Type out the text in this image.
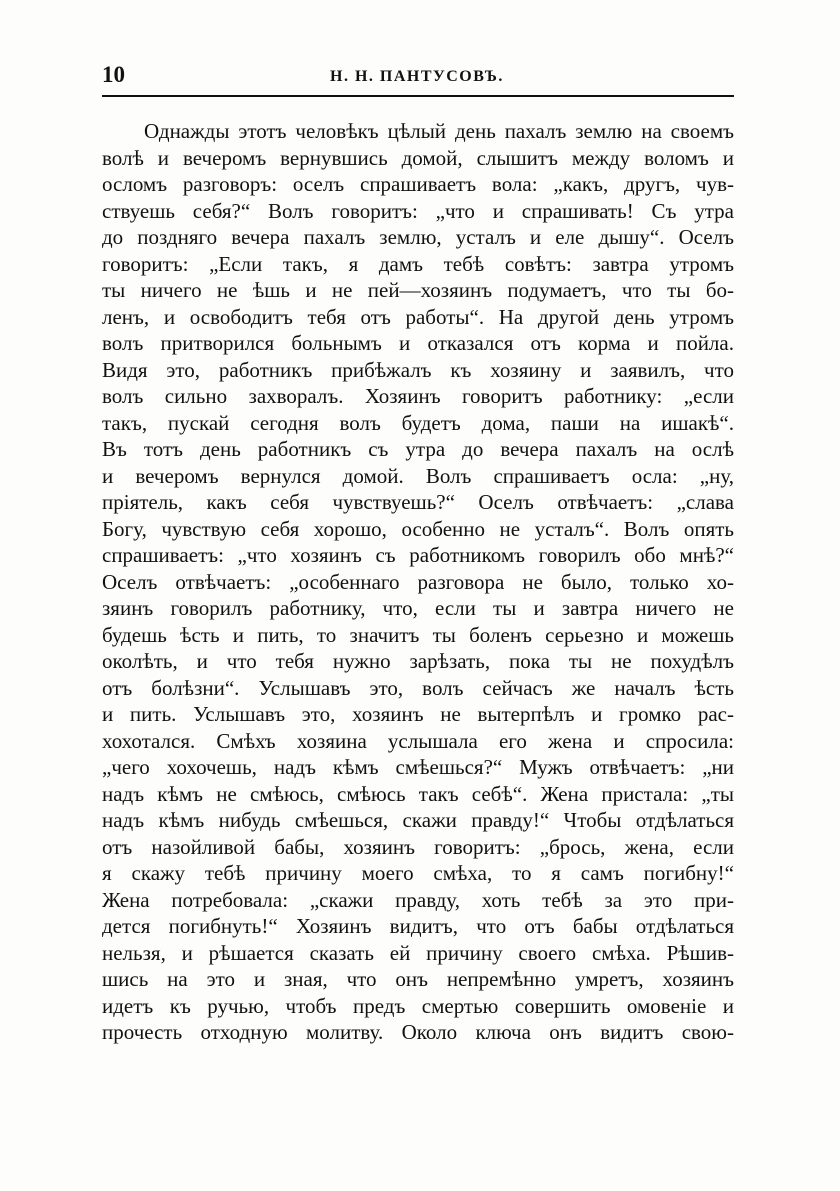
10	Н. Н. ПАНТУСОВЪ.
Однажды этотъ человѣкъ цѣлый день пахалъ землю на своемъ
волѣ и вечеромъ вернувшись домой, слышитъ между воломъ и
осломъ разговоръ: оселъ спрашиваетъ вола: „какъ, другъ, чув-
ствуешь себя?“ Волъ говоритъ: „что и спрашивать! Съ утра
до поздняго вечера пахалъ землю, усталъ и еле дышу“. Оселъ
говоритъ: „Если такъ, я дамъ тебѣ совѣтъ: завтра утромъ
ты ничего не ѣшь и не пей—хозяинъ подумаетъ, что ты бо-
ленъ, и освободитъ тебя отъ работы“. На другой день утромъ
волъ притворился больнымъ и отказался отъ корма и пойла.
Видя это, работникъ прибѣжалъ къ хозяину и заявилъ, что
волъ сильно захворалъ. Хозяинъ говоритъ работнику: „если
такъ, пускай сегодня волъ будетъ дома, паши на ишакѣ“.
Въ тотъ день работникъ съ утра до вечера пахалъ на ослѣ
и вечеромъ вернулся домой. Волъ спрашиваетъ осла: „ну,
пріятель, какъ себя чувствуешь?“ Оселъ отвѣчаетъ: „слава
Богу, чувствую себя хорошо, особенно не усталъ“. Волъ опять
спрашиваетъ: „что хозяинъ съ работникомъ говорилъ обо мнѣ?“
Оселъ отвѣчаетъ: „особеннаго разговора не было, только хо-
зяинъ говорилъ работнику, что, если ты и завтра ничего не
будешь ѣсть и пить, то значитъ ты боленъ серьезно и можешь
околѣть, и что тебя нужно зарѣзать, пока ты не похудѣлъ
отъ болѣзни“. Услышавъ это, волъ сейчасъ же началъ ѣсть
и пить. Услышавъ это, хозяинъ не вытерпѣлъ и громко рас-
хохотался. Смѣхъ хозяина услышала его жена и спросила:
„чего хохочешь, надъ кѣмъ смѣешься?“ Мужъ отвѣчаетъ: „ни
надъ кѣмъ не смѣюсь, смѣюсь такъ себѣ“. Жена пристала: „ты
надъ кѣмъ нибудь смѣешься, скажи правду!“ Чтобы отдѣлаться
отъ назойливой бабы, хозяинъ говоритъ: „брось, жена, если
я скажу тебѣ причину моего смѣха, то я самъ погибну!“
Жена потребовала: „скажи правду, хоть тебѣ за это при-
дется погибнуть!“ Хозяинъ видитъ, что отъ бабы отдѣлаться
нельзя, и рѣшается сказать ей причину своего смѣха. Рѣшив-
шись на это и зная, что онъ непремѣнно умретъ, хозяинъ
идетъ къ ручью, чтобъ предъ смертью совершить омовеніе и
прочесть отходную молитву. Около ключа онъ видитъ свою-
